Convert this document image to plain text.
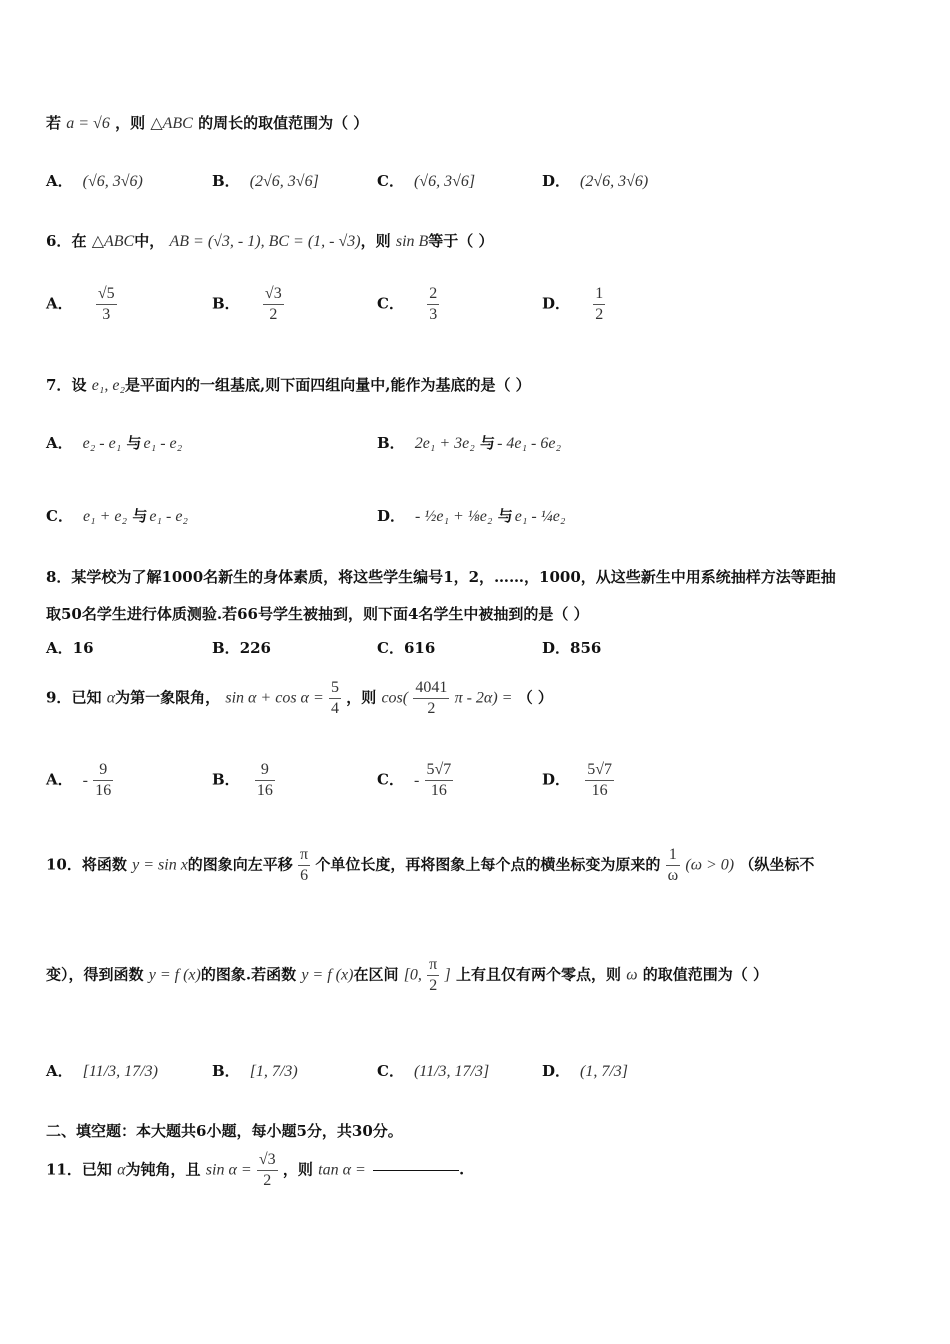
若 a = √6 ，则 △ABC 的周长的取值范围为（ ）
A． (√6, 3√6)	B． (2√6, 3√6]	C． (√6, 3√6]	D． (2√6, 3√6)
6．在 △ABC中， AB = (√3, - 1), BC = (1, - √3)，则 sin B等于（ ）
A． $\frac{√5}{3}$	B． $\frac{√3}{2}$	C． $\frac{2}{3}$	D． $\frac{1}{2}$
7．设 e₁, e₂是平面内的一组基底,则下面四组向量中,能作为基底的是（ ）
A． e₂ - e₁ 与 e₁ - e₂	B． 2e₁ + 3e₂ 与 - 4e₁ - 6e₂
C． e₁ + e₂ 与 e₁ - e₂	D． - ½e₁ + ⅛e₂ 与 e₁ - ¼e₂
8．某学校为了解1000名新生的身体素质，将这些学生编号1，2，……，1000，从这些新生中用系统抽样方法等距抽
取50名学生进行体质测验.若66号学生被抽到，则下面4名学生中被抽到的是（ ）
A．16	B．226	C．616	D．856
9．已知 α为第一象限角， $\sin \alpha + \cos \alpha = \frac{5}{4}$ ，则 $\cos( \frac{4041}{2}$ π - 2α) = （ ）
A． - $\frac{9}{16}$	B． $\frac{9}{16}$	C． - $\frac{5√7}{16}$	D． $\frac{5√7}{16}$
10．将函数 y = sin x的图象向左平移 $\frac{\pi}{6}$ 个单位长度，再将图象上每个点的横坐标变为原来的 $\frac{1}{\omega} (\omega > 0)$ （纵坐标不
变），得到函数 y = f (x)的图象.若函数 y = f (x)在区间 [0, $\frac{\pi}{2}$ ] 上有且仅有两个零点，则 ω 的取值范围为（ ）
A． [11/3, 17/3)	B． [1, 7/3)	C． (11/3, 17/3]	D． (1, 7/3]
二、填空题：本大题共6小题，每小题5分，共30分。
11．已知 α为钝角，且 $\sin \alpha = \frac{√3}{2}$ ，则 tan α =	.
